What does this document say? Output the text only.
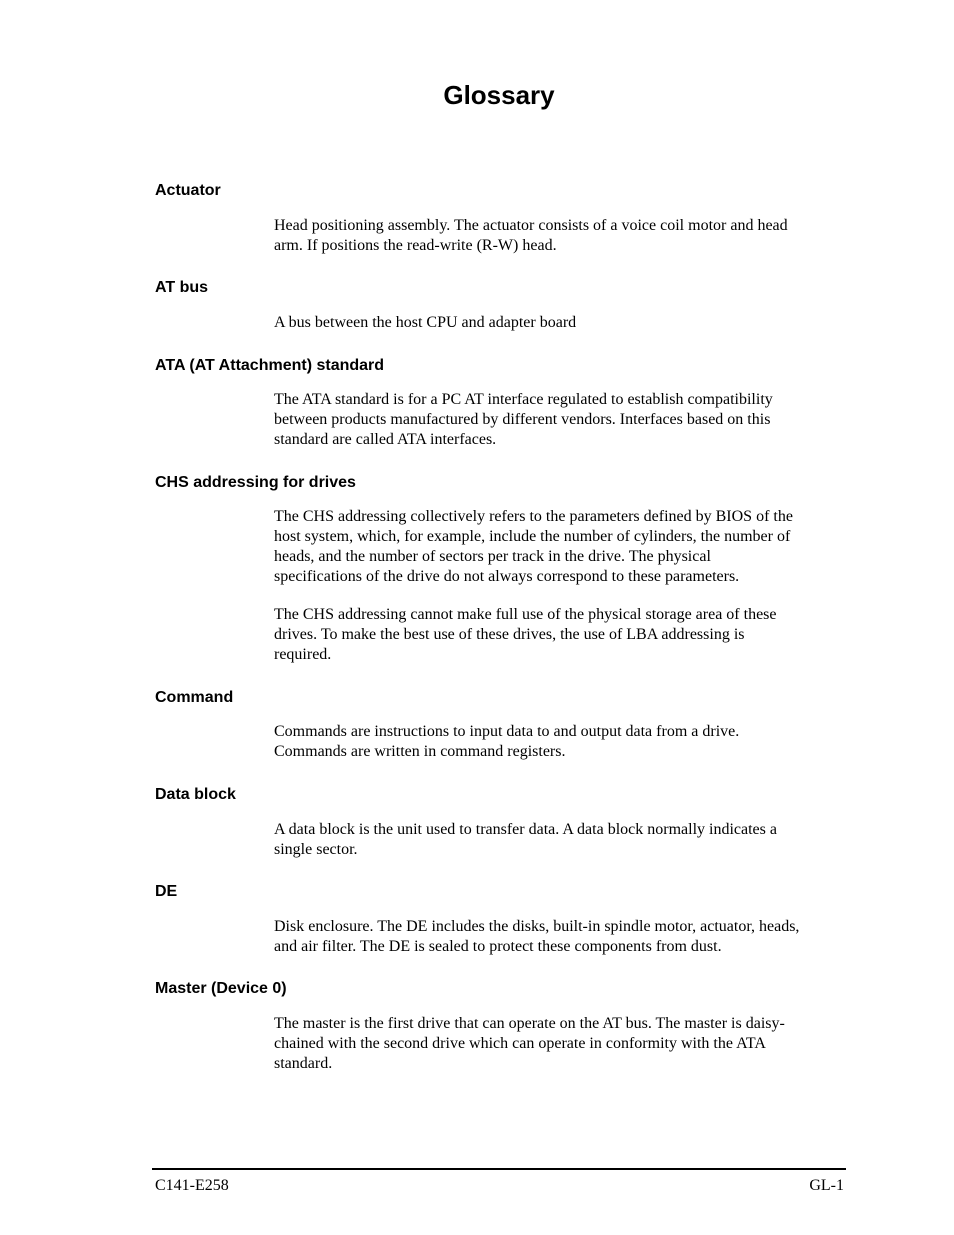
Glossary
Actuator

Head positioning assembly. The actuator consists of a voice coil motor and head
arm. If positions the read-write (R-W) head.

AT bus

A bus between the host CPU and adapter board

ATA (AT Attachment) standard

The ATA standard is for a PC AT interface regulated to establish compatibility
between products manufactured by different vendors. Interfaces based on this
standard are called ATA interfaces.

CHS addressing for drives

The CHS addressing collectively refers to the parameters defined by BIOS of the
host system, which, for example, include the number of cylinders, the number of
heads, and the number of sectors per track in the drive. The physical
specifications of the drive do not always correspond to these parameters.

The CHS addressing cannot make full use of the physical storage area of these
drives. To make the best use of these drives, the use of LBA addressing is
required.

Command

Commands are instructions to input data to and output data from a drive.
Commands are written in command registers.

Data block

A data block is the unit used to transfer data. A data block normally indicates a
single sector.

DE

Disk enclosure. The DE includes the disks, built-in spindle motor, actuator, heads,
and air filter. The DE is sealed to protect these components from dust.

Master (Device 0)

The master is the first drive that can operate on the AT bus. The master is daisy-
chained with the second drive which can operate in conformity with the ATA
standard.

C141-E258	GL-1
